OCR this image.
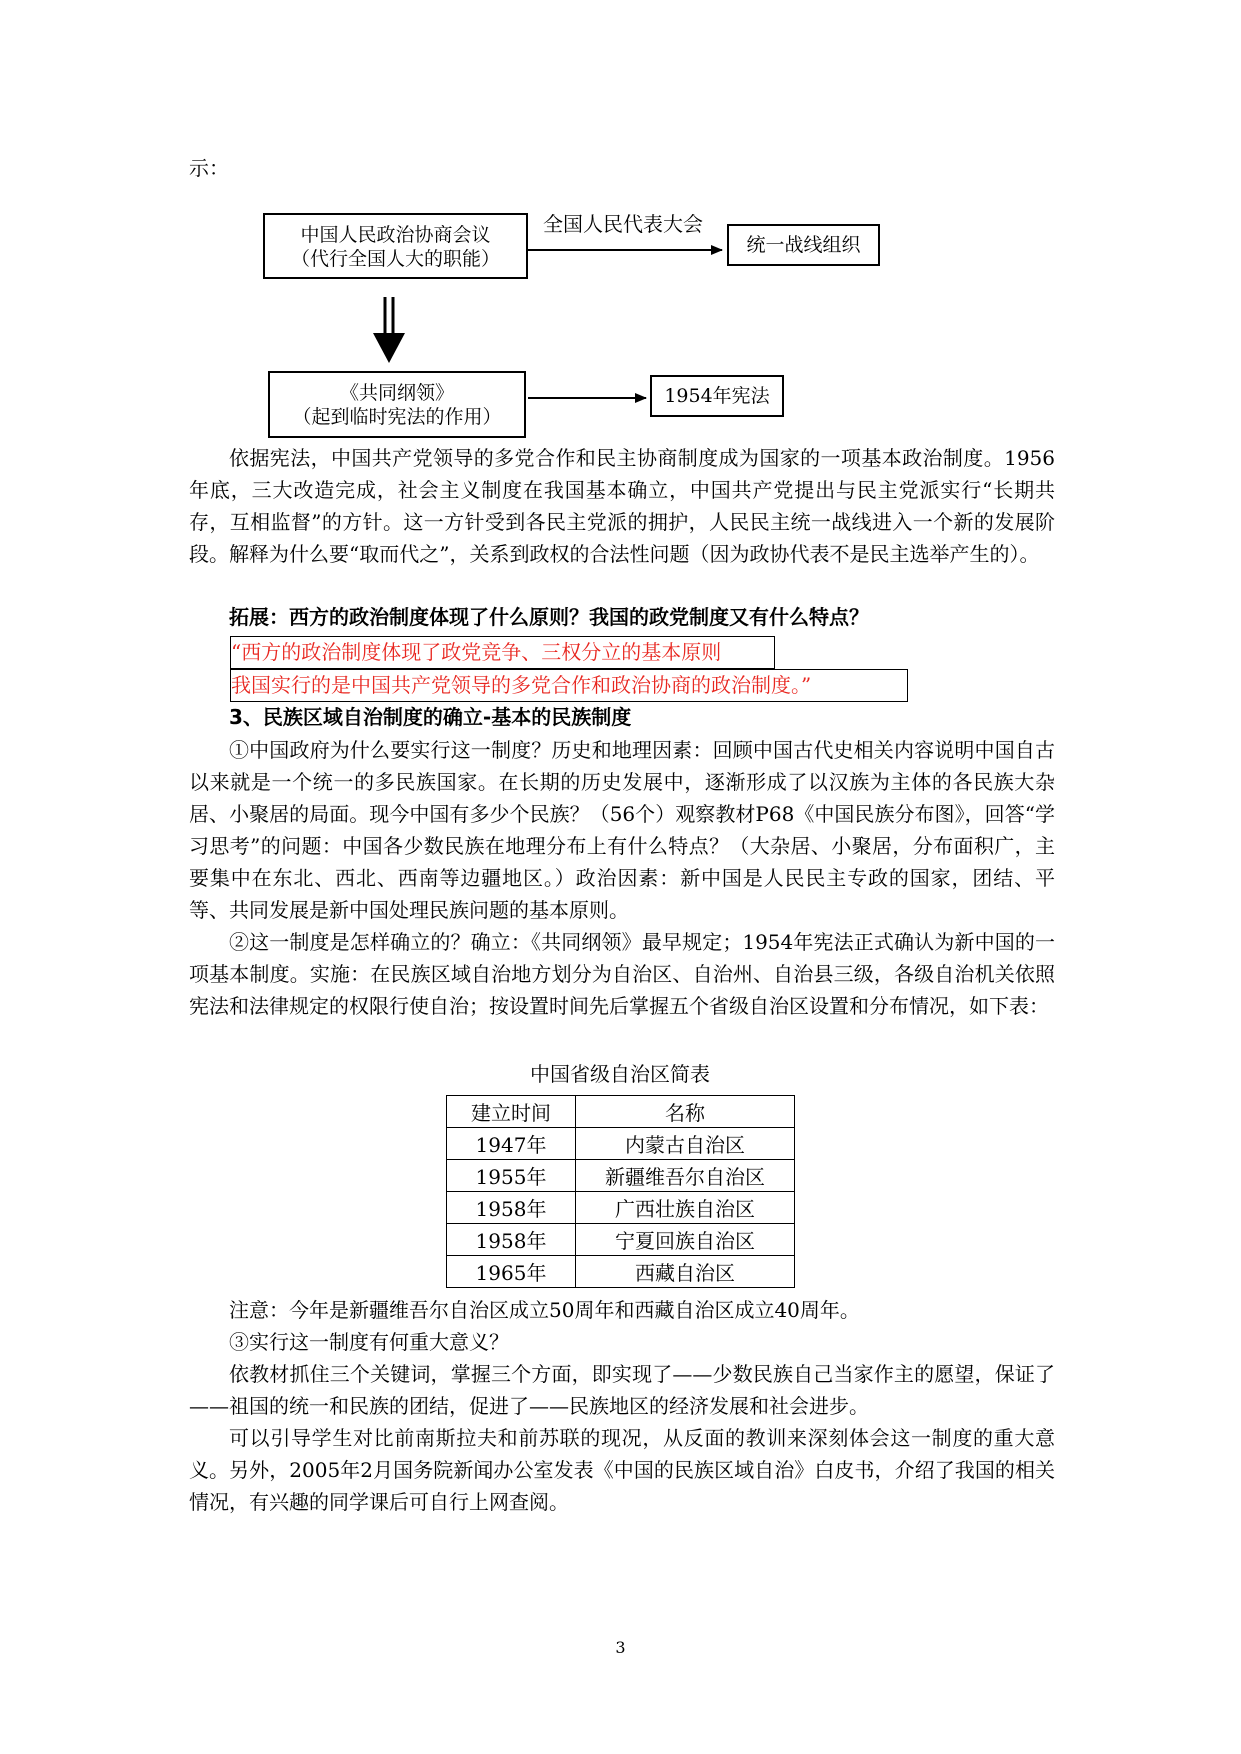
示：
中国人民政治协商会议
（代行全国人大的职能）
全国人民代表大会
统一战线组织
《共同纲领》
（起到临时宪法的作用）
1954年宪法

依据宪法，中国共产党领导的多党合作和民主协商制度成为国家的一项基本政治制度。1956年底，三大改造完成，社会主义制度在我国基本确立，中国共产党提出与民主党派实行“长期共存，互相监督”的方针。这一方针受到各民主党派的拥护，人民民主统一战线进入一个新的发展阶段。解释为什么要“取而代之”，关系到政权的合法性问题（因为政协代表不是民主选举产生的）。

拓展：西方的政治制度体现了什么原则？我国的政党制度又有什么特点？
“西方的政治制度体现了政党竞争、三权分立的基本原则
我国实行的是中国共产党领导的多党合作和政治协商的政治制度。”
3、民族区域自治制度的确立-基本的民族制度

①中国政府为什么要实行这一制度？历史和地理因素：回顾中国古代史相关内容说明中国自古以来就是一个统一的多民族国家。在长期的历史发展中，逐渐形成了以汉族为主体的各民族大杂居、小聚居的局面。现今中国有多少个民族？（56个）观察教材P68《中国民族分布图》，回答“学习思考”的问题：中国各少数民族在地理分布上有什么特点？（大杂居、小聚居，分布面积广，主要集中在东北、西北、西南等边疆地区。）政治因素：新中国是人民民主专政的国家，团结、平等、共同发展是新中国处理民族问题的基本原则。

②这一制度是怎样确立的？确立：《共同纲领》最早规定；1954年宪法正式确认为新中国的一项基本制度。实施：在民族区域自治地方划分为自治区、自治州、自治县三级，各级自治机关依照宪法和法律规定的权限行使自治；按设置时间先后掌握五个省级自治区设置和分布情况，如下表：

中国省级自治区简表
建立时间	名称
1947年	内蒙古自治区
1955年	新疆维吾尔自治区
1958年	广西壮族自治区
1958年	宁夏回族自治区
1965年	西藏自治区

注意：今年是新疆维吾尔自治区成立50周年和西藏自治区成立40周年。

③实行这一制度有何重大意义？

依教材抓住三个关键词，掌握三个方面，即实现了——少数民族自己当家作主的愿望，保证了——祖国的统一和民族的团结，促进了——民族地区的经济发展和社会进步。

可以引导学生对比前南斯拉夫和前苏联的现况，从反面的教训来深刻体会这一制度的重大意义。另外，2005年2月国务院新闻办公室发表《中国的民族区域自治》白皮书，介绍了我国的相关情况，有兴趣的同学课后可自行上网查阅。

3
